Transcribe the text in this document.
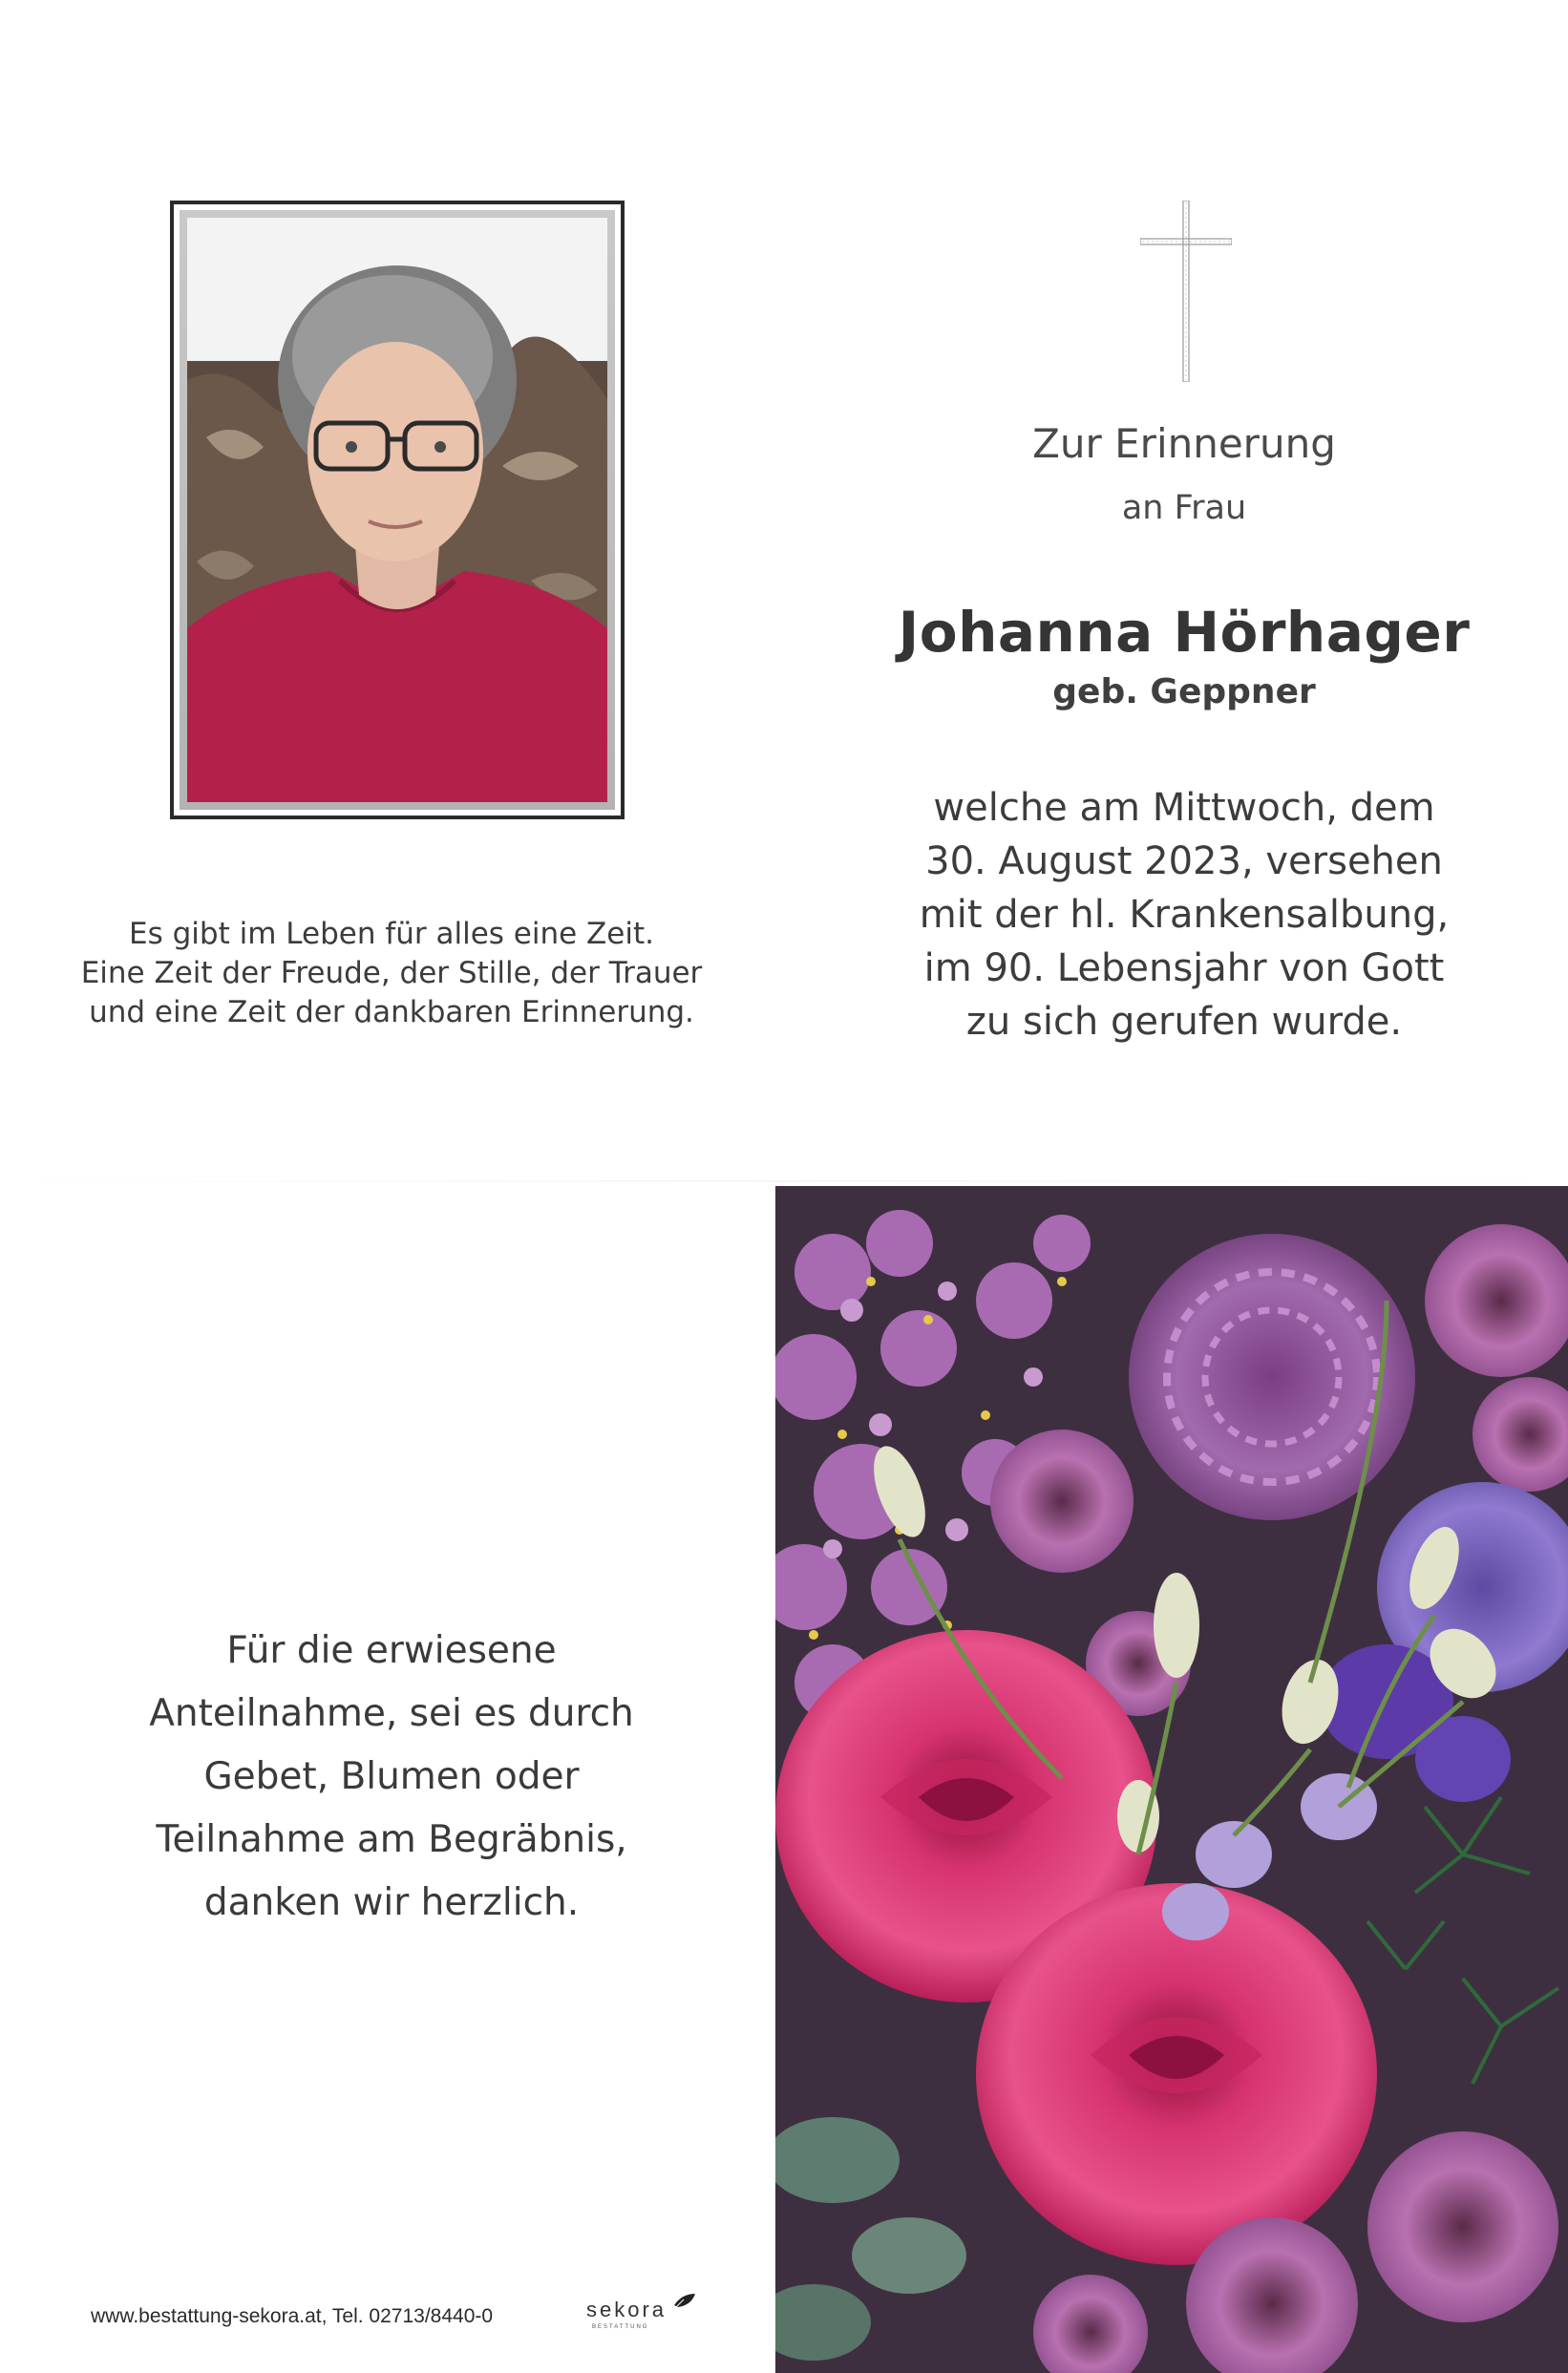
Zur Erinnerung
an Frau
Johanna Hörhager
geb. Geppner
welche am Mittwoch, dem
30. August 2023, versehen
mit der hl. Krankensalbung,
im 90. Lebensjahr von Gott
zu sich gerufen wurde.
Es gibt im Leben für alles eine Zeit.
Eine Zeit der Freude, der Stille, der Trauer
und eine Zeit der dankbaren Erinnerung.
Für die erwiesene
Anteilnahme, sei es durch
Gebet, Blumen oder
Teilnahme am Begräbnis,
danken wir herzlich.
www.bestattung-sekora.at, Tel. 02713/8440-0	sekora
BESTATTUNG
